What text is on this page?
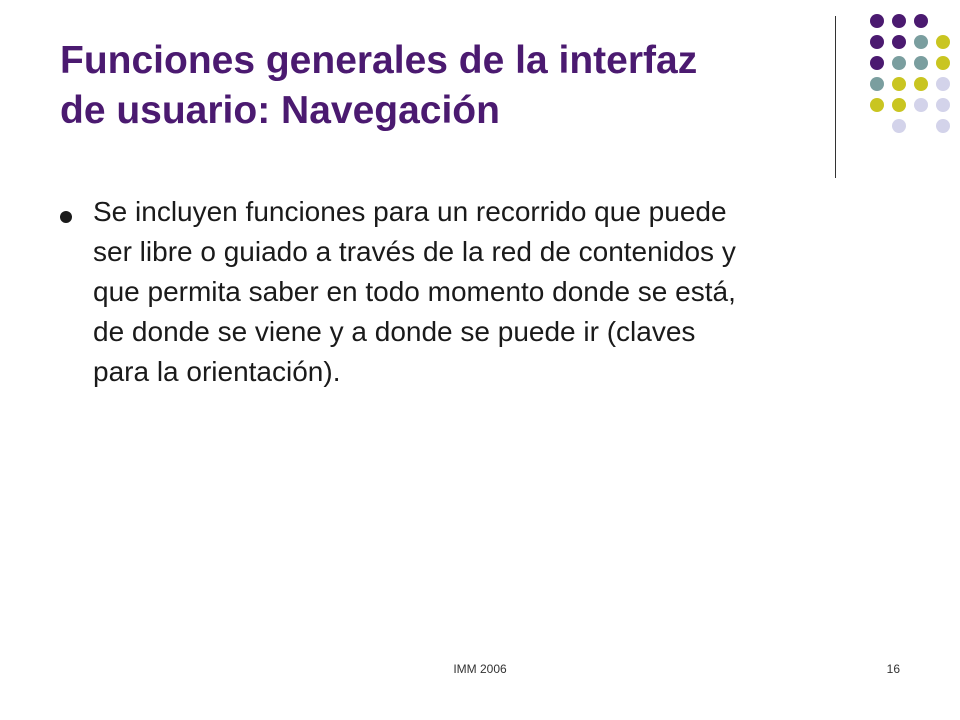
Funciones generales de la interfaz
de usuario: Navegación
Se incluyen funciones para un recorrido que puede
ser libre o guiado a través de la red de contenidos y
que permita saber en todo momento donde se está,
de donde se viene y a donde se puede ir (claves
para la orientación).
IMM 2006	16
